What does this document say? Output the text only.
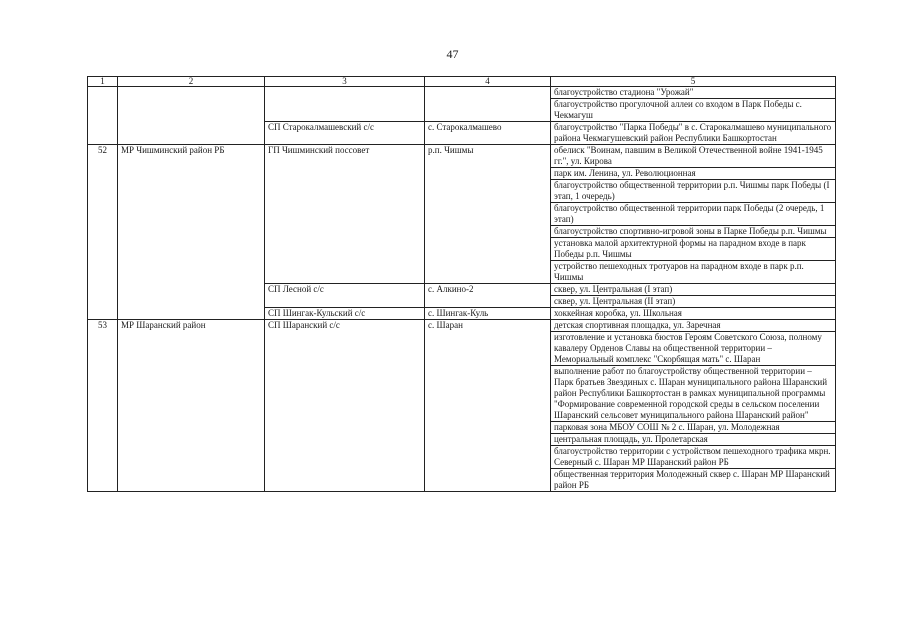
47
1	2	3	4	5
				благоустройство стадиона "Урожай"
				благоустройство прогулочной аллеи со входом в Парк Победы с. Чекмагуш
		СП Старокалмашевский с/с	с. Старокалмашево	благоустройство "Парка Победы" в с. Старокалмашево муниципального района Чекмагушевский район Республики Башкортостан
52	МР Чишминский район РБ	ГП Чишминский поссовет	р.п. Чишмы	обелиск "Воинам, павшим в Великой Отечественной войне 1941-1945 гг.", ул. Кирова
				парк им. Ленина, ул. Революционная
				благоустройство общественной территории р.п. Чишмы парк Победы (I этап, 1 очередь)
				благоустройство общественной территории парк Победы (2 очередь, 1 этап)
				благоустройство спортивно-игровой зоны в Парке Победы р.п. Чишмы
				установка малой архитектурной формы на парадном входе в парк Победы р.п. Чишмы
				устройство пешеходных тротуаров на парадном входе в парк р.п. Чишмы
		СП Лесной с/с	с. Алкино-2	сквер, ул. Центральная (I этап)
				сквер, ул. Центральная (II этап)
		СП Шингак-Кульский с/с	с. Шингак-Куль	хоккейная коробка, ул. Школьная
53	МР Шаранский район	СП Шаранский с/с	с. Шаран	детская спортивная площадка, ул. Заречная
				изготовление и установка бюстов Героям Советского Союза, полному кавалеру Орденов Славы на общественной территории – Мемориальный комплекс "Скорбящая мать" с. Шаран
				выполнение работ по благоустройству общественной территории – Парк братьев Звездиных с. Шаран муниципального района Шаранский район Республики Башкортостан в рамках муниципальной программы "Формирование современной городской среды в сельском поселении Шаранский сельсовет муниципального района Шаранский район"
				парковая зона МБОУ СОШ № 2 с. Шаран, ул. Молодежная
				центральная площадь, ул. Пролетарская
				благоустройство территории с устройством пешеходного трафика мкрн. Северный с. Шаран МР Шаранский район РБ
				общественная территория Молодежный сквер с. Шаран МР Шаранский район РБ
